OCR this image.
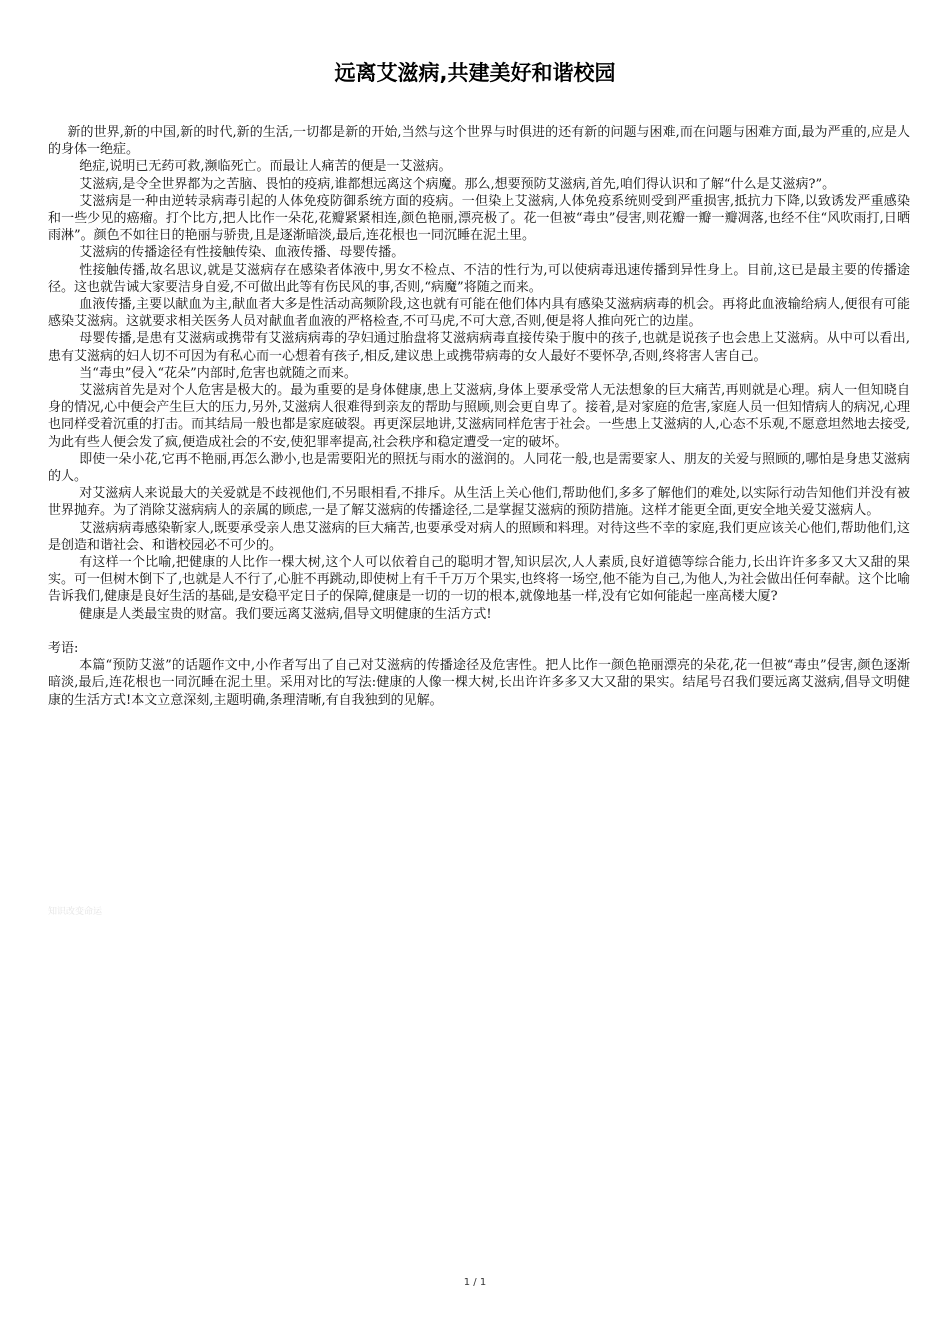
远离艾滋病,共建美好和谐校园

新的世界,新的中国,新的时代,新的生活,一切都是新的开始,当然与这个世界与时俱进的还有新的问题与困难,而在问题与困难方面,最为严重的,应是人的身体一绝症。

绝症,说明已无药可救,濒临死亡。而最让人痛苦的便是一艾滋病。

艾滋病,是令全世界都为之苦脑、畏怕的疫病,谁都想远离这个病魔。那么,想要预防艾滋病,首先,咱们得认识和了解“什么是艾滋病?”。

艾滋病是一种由逆转录病毒引起的人体免疫防御系统方面的疫病。一但染上艾滋病,人体免疫系统则受到严重损害,抵抗力下降,以致诱发严重感染和一些少见的癌瘤。打个比方,把人比作一朵花,花瓣紧紧相连,颜色艳丽,漂亮极了。花一但被“毒虫”侵害,则花瓣一瓣一瓣凋落,也经不住“风吹雨打,日晒雨淋”。颜色不如往日的艳丽与骄贵,且是逐渐暗淡,最后,连花根也一同沉睡在泥土里。

艾滋病的传播途径有性接触传染、血液传播、母婴传播。

性接触传播,故名思议,就是艾滋病存在感染者体液中,男女不检点、不洁的性行为,可以使病毒迅速传播到异性身上。目前,这已是最主要的传播途径。这也就告诫大家要洁身自爱,不可做出此等有伤民风的事,否则,“病魔”将随之而来。

血液传播,主要以献血为主,献血者大多是性活动高频阶段,这也就有可能在他们体内具有感染艾滋病病毒的机会。再将此血液输给病人,便很有可能感染艾滋病。这就要求相关医务人员对献血者血液的严格检查,不可马虎,不可大意,否则,便是将人推向死亡的边崖。

母婴传播,是患有艾滋病或携带有艾滋病病毒的孕妇通过胎盘将艾滋病病毒直接传染于腹中的孩子,也就是说孩子也会患上艾滋病。从中可以看出,患有艾滋病的妇人切不可因为有私心而一心想着有孩子,相反,建议患上或携带病毒的女人最好不要怀孕,否则,终将害人害自己。

当“毒虫”侵入“花朵”内部时,危害也就随之而来。

艾滋病首先是对个人危害是极大的。最为重要的是身体健康,患上艾滋病,身体上要承受常人无法想象的巨大痛苦,再则就是心理。病人一但知晓自身的情况,心中便会产生巨大的压力,另外,艾滋病人很难得到亲友的帮助与照顾,则会更自卑了。接着,是对家庭的危害,家庭人员一但知情病人的病况,心理也同样受着沉重的打击。而其结局一般也都是家庭破裂。再更深层地讲,艾滋病同样危害于社会。一些患上艾滋病的人,心态不乐观,不愿意坦然地去接受,为此有些人便会发了疯,便造成社会的不安,使犯罪率提高,社会秩序和稳定遭受一定的破坏。

即使一朵小花,它再不艳丽,再怎么渺小,也是需要阳光的照抚与雨水的滋润的。人同花一般,也是需要家人、朋友的关爱与照顾的,哪怕是身患艾滋病的人。

对艾滋病人来说最大的关爱就是不歧视他们,不另眼相看,不排斥。从生活上关心他们,帮助他们,多多了解他们的难处,以实际行动告知他们并没有被世界抛弃。为了消除艾滋病病人的亲属的顾虑,一是了解艾滋病的传播途径,二是掌握艾滋病的预防措施。这样才能更全面,更安全地关爱艾滋病人。

艾滋病病毒感染靳家人,既要承受亲人患艾滋病的巨大痛苦,也要承受对病人的照顾和料理。对待这些不幸的家庭,我们更应该关心他们,帮助他们,这是创造和谐社会、和谐校园必不可少的。

有这样一个比喻,把健康的人比作一棵大树,这个人可以依着自己的聪明才智,知识层次,人人素质,良好道德等综合能力,长出许许多多又大又甜的果实。可一但树木倒下了,也就是人不行了,心脏不再跳动,即使树上有千千万万个果实,也终将一场空,他不能为自己,为他人,为社会做出任何奉献。这个比喻告诉我们,健康是良好生活的基础,是安稳平定日子的保障,健康是一切的一切的根本,就像地基一样,没有它如何能起一座高楼大厦?

健康是人类最宝贵的财富。我们要远离艾滋病,倡导文明健康的生活方式!

考语:

本篇“预防艾滋”的话题作文中,小作者写出了自己对艾滋病的传播途径及危害性。把人比作一颜色艳丽漂亮的朵花,花一但被“毒虫”侵害,颜色逐渐暗淡,最后,连花根也一同沉睡在泥土里。采用对比的写法:健康的人像一棵大树,长出许许多多又大又甜的果实。结尾号召我们要远离艾滋病,倡导文明健康的生活方式!本文立意深刻,主题明确,条理清晰,有自我独到的见解。

知识改变命运
1 / 1
